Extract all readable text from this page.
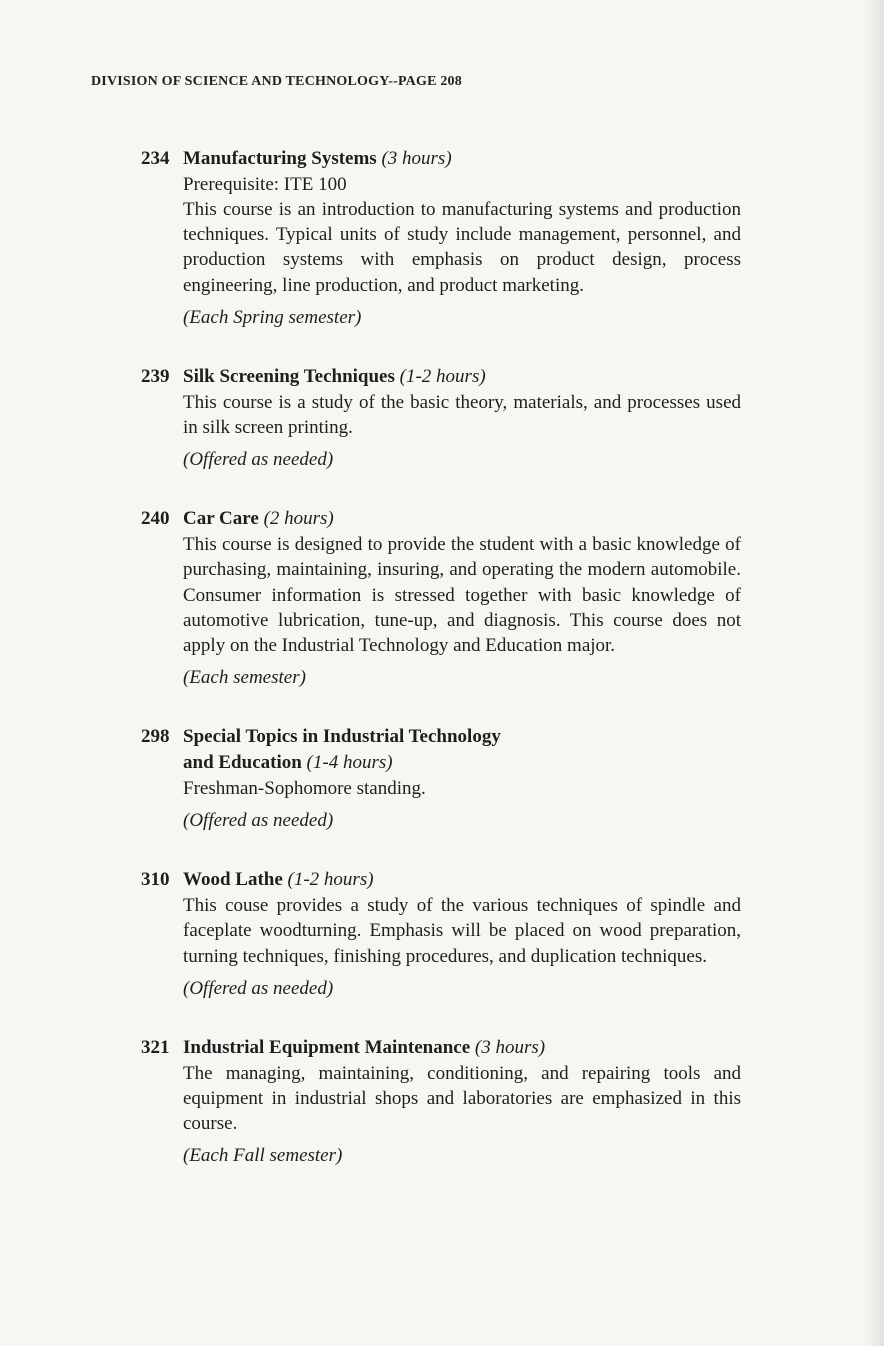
DIVISION OF SCIENCE AND TECHNOLOGY--PAGE 208
234 Manufacturing Systems (3 hours)
Prerequisite: ITE 100
This course is an introduction to manufacturing systems and production techniques. Typical units of study include management, personnel, and production systems with emphasis on product design, process engineering, line production, and product marketing.
(Each Spring semester)
239 Silk Screening Techniques (1-2 hours)
This course is a study of the basic theory, materials, and processes used in silk screen printing.
(Offered as needed)
240 Car Care (2 hours)
This course is designed to provide the student with a basic knowledge of purchasing, maintaining, insuring, and operating the modern automobile. Consumer information is stressed together with basic knowledge of automotive lubrication, tune-up, and diagnosis. This course does not apply on the Industrial Technology and Education major.
(Each semester)
298 Special Topics in Industrial Technology
and Education (1-4 hours)
Freshman-Sophomore standing.
(Offered as needed)
310 Wood Lathe (1-2 hours)
This couse provides a study of the various techniques of spindle and faceplate woodturning. Emphasis will be placed on wood preparation, turning techniques, finishing procedures, and duplication techniques.
(Offered as needed)
321 Industrial Equipment Maintenance (3 hours)
The managing, maintaining, conditioning, and repairing tools and equipment in industrial shops and laboratories are emphasized in this course.
(Each Fall semester)
